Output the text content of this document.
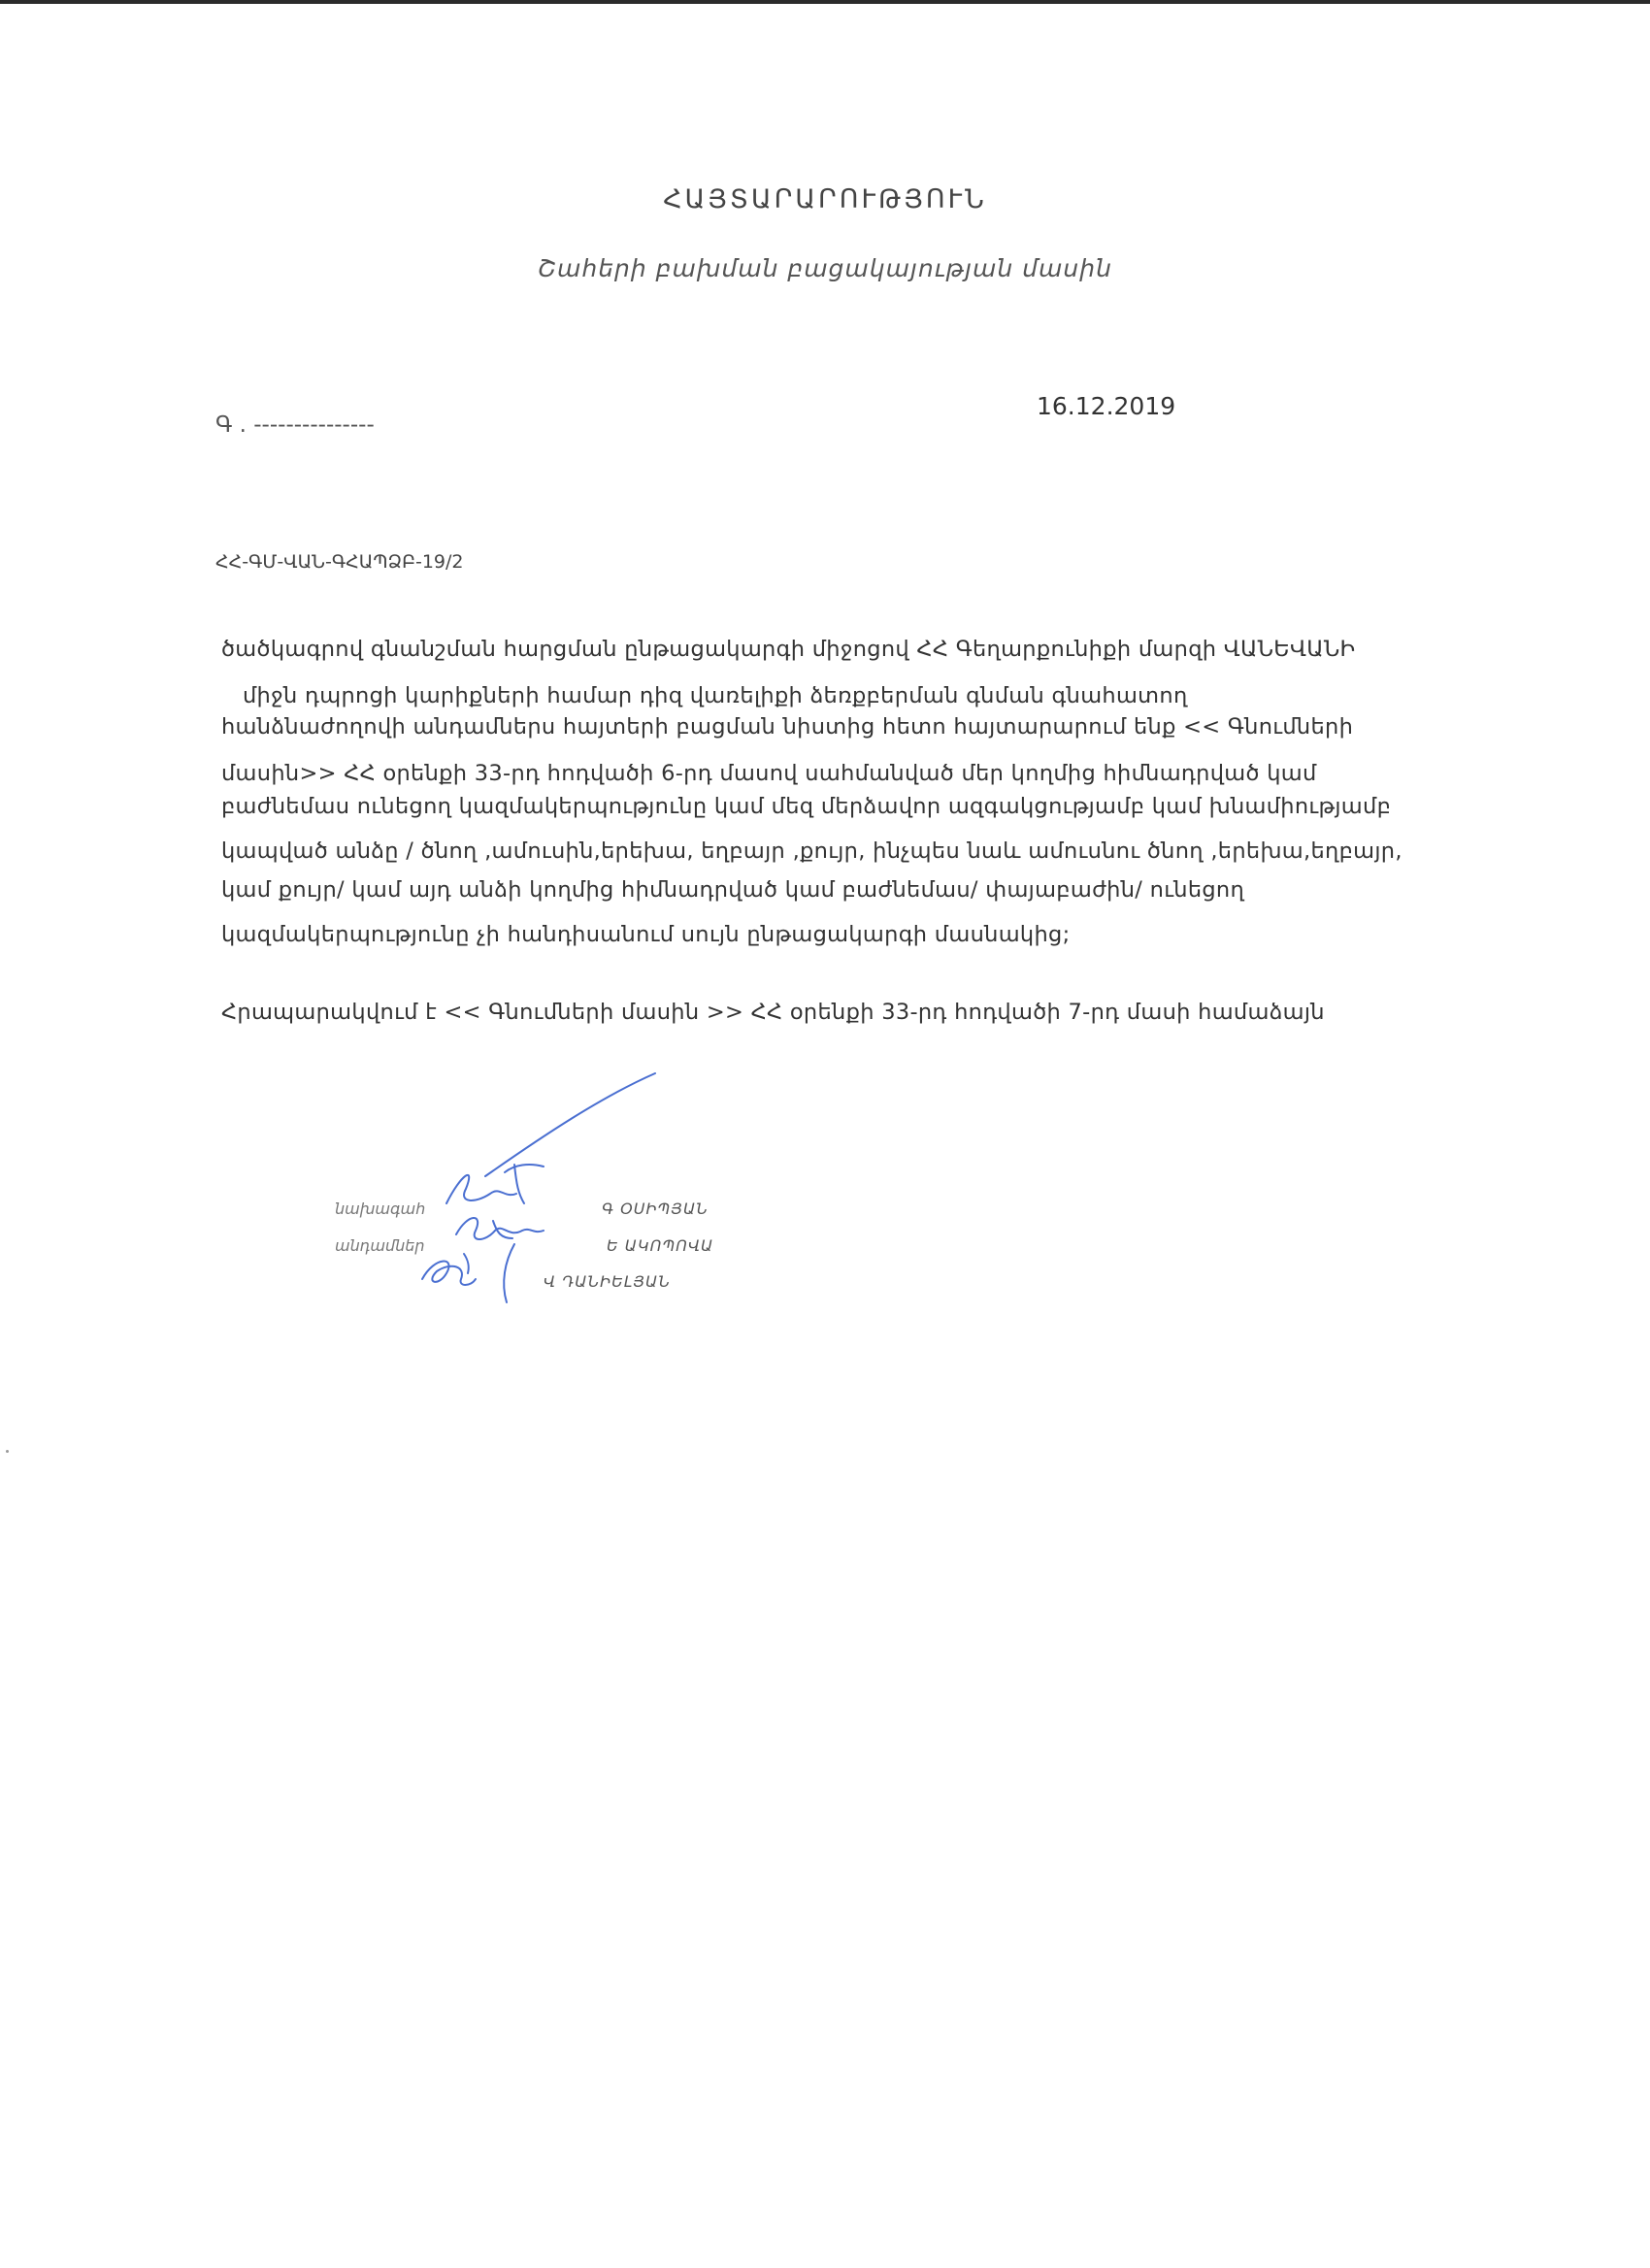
ՀԱՅՏԱՐԱՐՈՒԹՅՈՒՆ
Շահերի բախման բացակայության մասին
Գ . ---------------
16.12.2019
ՀՀ-ԳՄ-ՎԱՆ-ԳՀԱՊՁԲ-19/2
ծածկագրով գնանշման հարցման ընթացակարգի միջոցով ՀՀ Գեղարքունիքի մարզի ՎԱՆԵՎԱՆԻ
միջն դպրոցի կարիքների համար դիզ վառելիքի ձեռքբերման գնման գնահատող
հանձնաժողովի անդամներս հայտերի բացման նիստից հետո հայտարարում ենք << Գնումների
մասին>> ՀՀ օրենքի 33-րդ հոդվածի 6-րդ մասով սահմանված մեր կողմից հիմնադրված կամ
բաժնեմաս ունեցող կազմակերպությունը կամ մեզ մերձավոր ազգակցությամբ կամ խնամիությամբ
կապված անձը / ծնող ,ամուսին,երեխա, եղբայր ,քույր, ինչպես նաև ամուսնու ծնող ,երեխա,եղբայր,
կամ քույր/ կամ այդ անձի կողմից հիմնադրված կամ բաժնեմաս/ փայաբաժին/ ունեցող
կազմակերպությունը չի հանդիսանում սույն ընթացակարգի մասնակից;
Հրապարակվում է << Գնումների մասին >> ՀՀ օրենքի 33-րդ հոդվածի 7-րդ մասի համաձայն
նախագահ
անդամներ
Գ ՕՍԻՊՅԱՆ
Ե ԱԿՈՊՈՎԱ
Վ ԴԱՆԻԵԼՅԱՆ
